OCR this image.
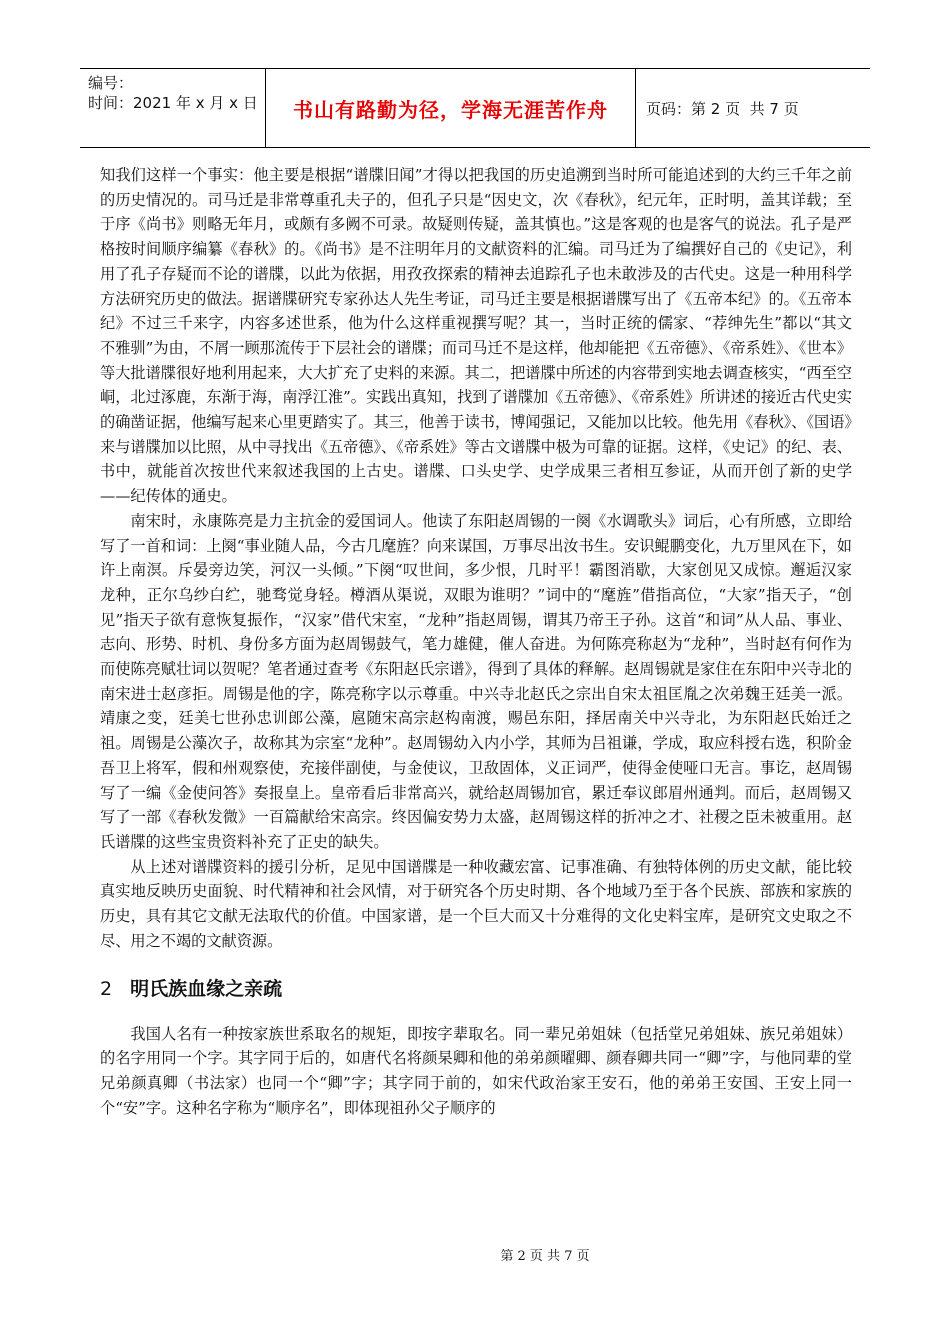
编号：
时间：2021 年 x 月 x 日	书山有路勤为径，学海无涯苦作舟	页码：第 2 页  共 7 页

知我们这样一个事实：他主要是根据“谱牒旧闻”才得以把我国的历史追溯到当时所可能追述到的大约三千年之前的历史情况的。司马迁是非常尊重孔夫子的，但孔子只是“因史文，次《春秋》，纪元年，正时明，盖其详载；至于序《尚书》则略无年月，或颇有多阙不可录。故疑则传疑，盖其慎也。”这是客观的也是客气的说法。孔子是严格按时间顺序编纂《春秋》的。《尚书》是不注明年月的文献资料的汇编。司马迁为了编撰好自己的《史记》，利用了孔子存疑而不论的谱牒，以此为依据，用孜孜探索的精神去追踪孔子也未敢涉及的古代史。这是一种用科学方法研究历史的做法。据谱牒研究专家孙达人先生考证，司马迁主要是根据谱牒写出了《五帝本纪》的。《五帝本纪》不过三千来字，内容多述世系，他为什么这样重视撰写呢？其一，当时正统的儒家、“荐绅先生”都以“其文不雅驯”为由，不屑一顾那流传于下层社会的谱牒；而司马迁不是这样，他却能把《五帝德》、《帝系姓》、《世本》等大批谱牒很好地利用起来，大大扩充了史料的来源。其二，把谱牒中所述的内容带到实地去调查核实，“西至空峒，北过涿鹿，东渐于海，南浮江淮”。实践出真知，找到了谱牒加《五帝德》、《帝系姓》所讲述的接近古代史实的确凿证据，他编写起来心里更踏实了。其三，他善于读书，博闻强记，又能加以比较。他先用《春秋》、《国语》来与谱牒加以比照，从中寻找出《五帝德》、《帝系姓》等古文谱牒中极为可靠的证据。这样，《史记》的纪、表、书中，就能首次按世代来叙述我国的上古史。谱牒、口头史学、史学成果三者相互参证，从而开创了新的史学——纪传体的通史。

南宋时，永康陈亮是力主抗金的爱国词人。他读了东阳赵周锡的一阕《水调歌头》词后，心有所感，立即给写了一首和词：上阕“事业随人品，今古几麾旌？向来谋国，万事尽出汝书生。安识鲲鹏变化，九万里风在下，如许上南溟。斥晏旁边笑，河汉一头倾。”下阕“叹世间，多少恨，几时平！霸图消歇，大家创见又成惊。邂逅汉家龙种，正尔乌纱白纻，驰骛觉身轻。樽酒从渠说，双眼为谁明？”词中的“麾旌”借指高位，“大家”指天子，“创见”指天子欲有意恢复振作，“汉家”借代宋室，“龙种”指赵周锡，谓其乃帝王子孙。这首“和词”从人品、事业、志向、形势、时机、身份多方面为赵周锡鼓气，笔力雄健，催人奋进。为何陈亮称赵为“龙种”，当时赵有何作为而使陈亮赋壮词以贺呢？笔者通过查考《东阳赵氏宗谱》，得到了具体的释解。赵周锡就是家住在东阳中兴寺北的南宋进士赵彦拒。周锡是他的字，陈亮称字以示尊重。中兴寺北赵氏之宗出自宋太祖匡胤之次弟魏王廷美一派。靖康之变，廷美七世孙忠训郎公藻，扈随宋高宗赵构南渡，赐邑东阳，择居南关中兴寺北，为东阳赵氏始迁之祖。周锡是公藻次子，故称其为宗室“龙种”。赵周锡幼入内小学，其师为吕祖谦，学成，取应科授右选，积阶金吾卫上将军，假和州观察使，充接伴副使，与金使议，卫敌固体，义正词严，使得金使哑口无言。事讫，赵周锡写了一编《金使问答》奏报皇上。皇帝看后非常高兴，就给赵周锡加官，累迁奉议郎眉州通判。而后，赵周锡又写了一部《春秋发微》一百篇献给宋高宗。终因偏安势力太盛，赵周锡这样的折冲之才、社稷之臣未被重用。赵氏谱牒的这些宝贵资料补充了正史的缺失。

从上述对谱牒资料的援引分析，足见中国谱牒是一种收藏宏富、记事准确、有独特体例的历史文献，能比较真实地反映历史面貌、时代精神和社会风情，对于研究各个历史时期、各个地域乃至于各个民族、部族和家族的历史，具有其它文献无法取代的价值。中国家谱，是一个巨大而又十分难得的文化史料宝库，是研究文史取之不尽、用之不竭的文献资源。

2 明氏族血缘之亲疏

我国人名有一种按家族世系取名的规矩，即按字辈取名。同一辈兄弟姐妹（包括堂兄弟姐妹、族兄弟姐妹）的名字用同一个字。其字同于后的，如唐代名将颜杲卿和他的弟弟颜曜卿、颜春卿共同一“卿”字，与他同辈的堂兄弟颜真卿（书法家）也同一个“卿”字；其字同于前的，如宋代政治家王安石，他的弟弟王安国、王安上同一个“安”字。这种名字称为“顺序名”，即体现祖孙父子顺序的

第 2 页 共 7 页
